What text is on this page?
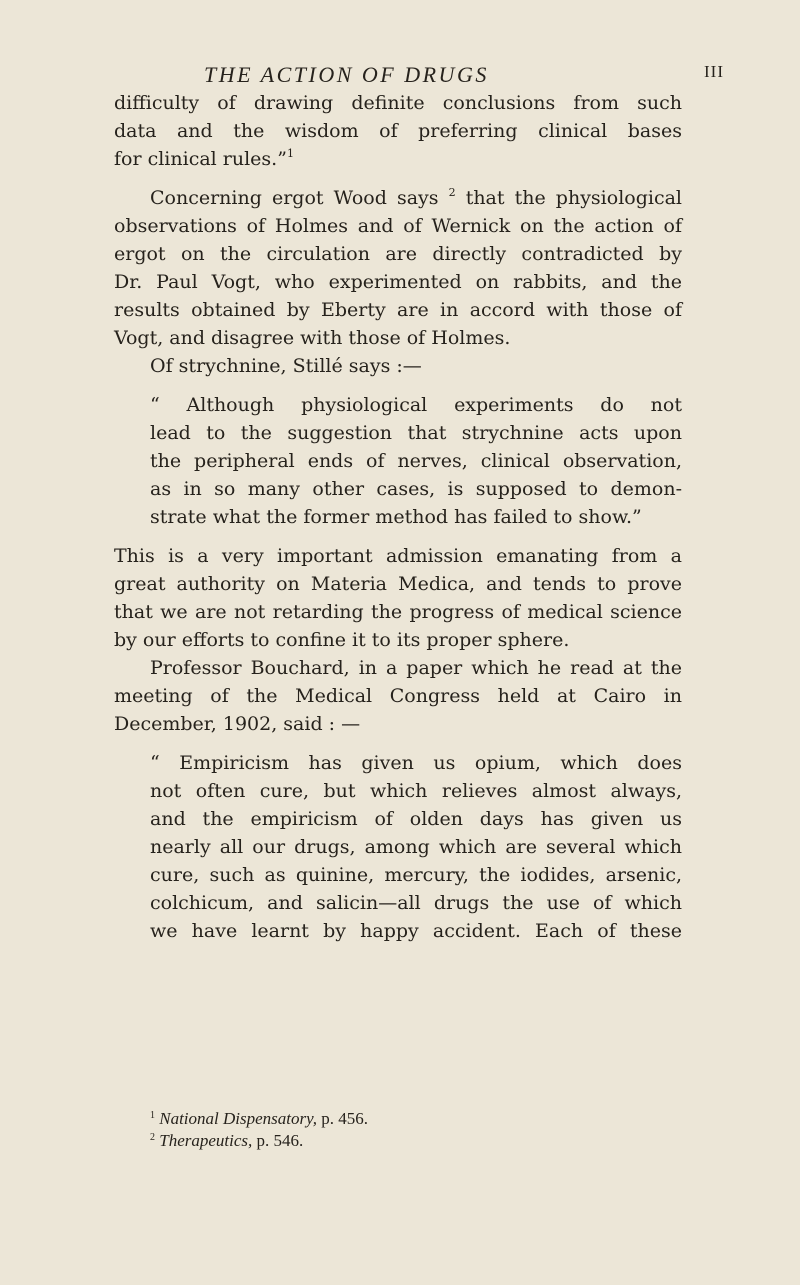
THE ACTION OF DRUGS	III
difficulty of drawing definite conclusions from such
data and the wisdom of preferring clinical bases
for clinical rules.”$^1$
Concerning ergot Wood says $^2$ that the physiological
observations of Holmes and of Wernick on the action of
ergot on the circulation are directly contradicted by
Dr. Paul Vogt, who experimented on rabbits, and the
results obtained by Eberty are in accord with those of
Vogt, and disagree with those of Holmes.
Of strychnine, Stillé says :—
“ Although physiological experiments do not
lead to the suggestion that strychnine acts upon
the peripheral ends of nerves, clinical observation,
as in so many other cases, is supposed to demon-
strate what the former method has failed to show.”
This is a very important admission emanating from a
great authority on Materia Medica, and tends to prove
that we are not retarding the progress of medical science
by our efforts to confine it to its proper sphere.
Professor Bouchard, in a paper which he read at the
meeting of the Medical Congress held at Cairo in
December, 1902, said : —
“ Empiricism has given us opium, which does
not often cure, but which relieves almost always,
and the empiricism of olden days has given us
nearly all our drugs, among which are several which
cure, such as quinine, mercury, the iodides, arsenic,
colchicum, and salicin—all drugs the use of which
we have learnt by happy accident. Each of these
$^1$ National Dispensatory, p. 456.
$^2$ Therapeutics, p. 546.
